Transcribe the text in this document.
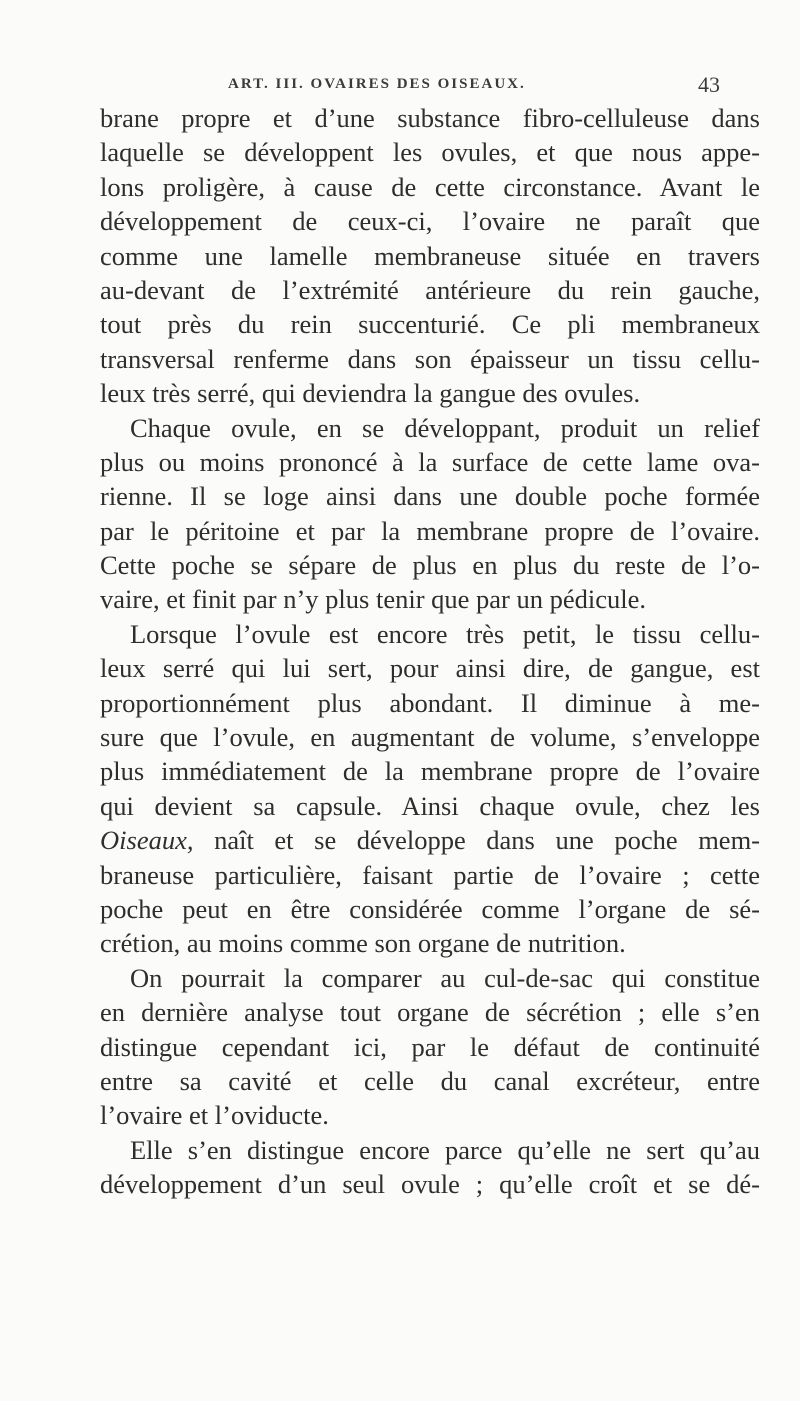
ART. III. OVAIRES DES OISEAUX.	43
brane propre et d’une substance fibro-celluleuse dans
laquelle se développent les ovules, et que nous appe-
lons proligère, à cause de cette circonstance. Avant le
développement de ceux-ci, l’ovaire ne paraît que
comme une lamelle membraneuse située en travers
au-devant de l’extrémité antérieure du rein gauche,
tout près du rein succenturié. Ce pli membraneux
transversal renferme dans son épaisseur un tissu cellu-
leux très serré, qui deviendra la gangue des ovules.
Chaque ovule, en se développant, produit un relief
plus ou moins prononcé à la surface de cette lame ova-
rienne. Il se loge ainsi dans une double poche formée
par le péritoine et par la membrane propre de l’ovaire.
Cette poche se sépare de plus en plus du reste de l’o-
vaire, et finit par n’y plus tenir que par un pédicule.
Lorsque l’ovule est encore très petit, le tissu cellu-
leux serré qui lui sert, pour ainsi dire, de gangue, est
proportionnément plus abondant. Il diminue à me-
sure que l’ovule, en augmentant de volume, s’enveloppe
plus immédiatement de la membrane propre de l’ovaire
qui devient sa capsule. Ainsi chaque ovule, chez les
Oiseaux, naît et se développe dans une poche mem-
braneuse particulière, faisant partie de l’ovaire ; cette
poche peut en être considérée comme l’organe de sé-
crétion, au moins comme son organe de nutrition.
On pourrait la comparer au cul-de-sac qui constitue
en dernière analyse tout organe de sécrétion ; elle s’en
distingue cependant ici, par le défaut de continuité
entre sa cavité et celle du canal excréteur, entre
l’ovaire et l’oviducte.
Elle s’en distingue encore parce qu’elle ne sert qu’au
développement d’un seul ovule ; qu’elle croît et se dé-
